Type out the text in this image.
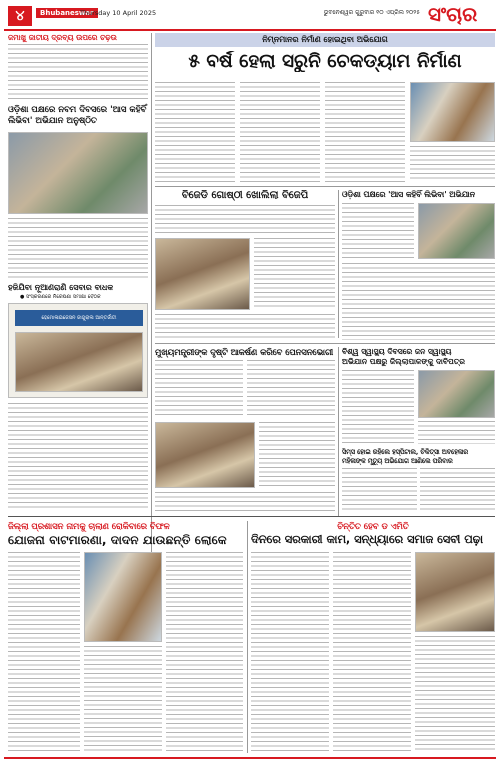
୪	Bhubaneswar
Thursday 10 April 2025	ଭୁବନେଶ୍ୱର ଗୁରୁବାର ୧୦ ଏପ୍ରିଲ ୨୦୨୫ ସଂଚାର
ଜମାଖୁ ଜାତୀୟ ଦ୍ରବ୍ୟ ଉପରେ ଚଢ଼ଉ
ଓଡ଼ିଶା ପକ୍ଷରେ ନବମ ଦିବସରେ 'ଆସ କହିବିଁ ଲିଭିବା' ଅଭିଯାନ ଅନୁଷ୍ଠିତ
ହଜିଯିବା ନୂଆଣରାଣି ସେବାର ବାଧକ
● ସଂସ୍କରଣରେ ନିରେଷଣା ସମୀକ୍ଷା ବୈଠକ
ହେମୋଳାଇଜେସନ ଜାଗୁରାଲ ଆନ୍ତର୍ଜାତୀ
ନିମ୍ନମାନର ନିର୍ମାଣ ହୋଇଥିବା ଅଭିଯୋଗ
୫ ବର୍ଷ ହେଲା ସରୁନି ଚେକଡ୍ୟାମ ନିର୍ମାଣ
ବିଜେଡି ଗୋଷ୍ଠୀ ଖୋଲିଲା ବିଜେପି	ଓଡ଼ିଶା ପକ୍ଷରେ 'ଆସ କହିବିଁ ଲିଭିବା' ଅଭିଯାନ
ମୁଖ୍ୟମନ୍ତ୍ରୀଙ୍କ ଦୃଷ୍ଟି ଆକର୍ଷଣ କରିବେ ପେନସନଭୋଗୀ ବିଶ୍ୱ ସ୍ୱାସ୍ଥ୍ୟ ଦିବସରେ ଜନ ସ୍ୱାସ୍ଥ୍ୟ
ଅଭିଯାନ ପକ୍ଷରୁ ଜିଲ୍ଲାପାଳଙ୍କୁ ଦାବିପତ୍ର
ସିମ୍ସ ହୋଇ ରହିଲେ ହସ୍ପିଟାଲ, ଚିକିତ୍ସା ଅବହେଳାର
ମହିଳାଙ୍କ ମୃତ୍ୟୁ ଅଭିଯୋଗ ଆଣିଲେ ପରିବାର
ଜିଲ୍ଲା ପ୍ରଶାସନ ନାମକୁ ଚାଲାଣ ରୋକିବାରେ ବିଫଳ
ଯୋଜନା ବାଟମାରଣା, ଦାଦନ ଯାଉଛନ୍ତି ଲୋକେ
ଚିନ୍ତିତ ହେବ ଡ ଏମିତି
ଦିନରେ ସରକାରୀ କାମ, ସନ୍ଧ୍ୟାରେ ସମାଜ ସେବୀ ପଢ଼ା
